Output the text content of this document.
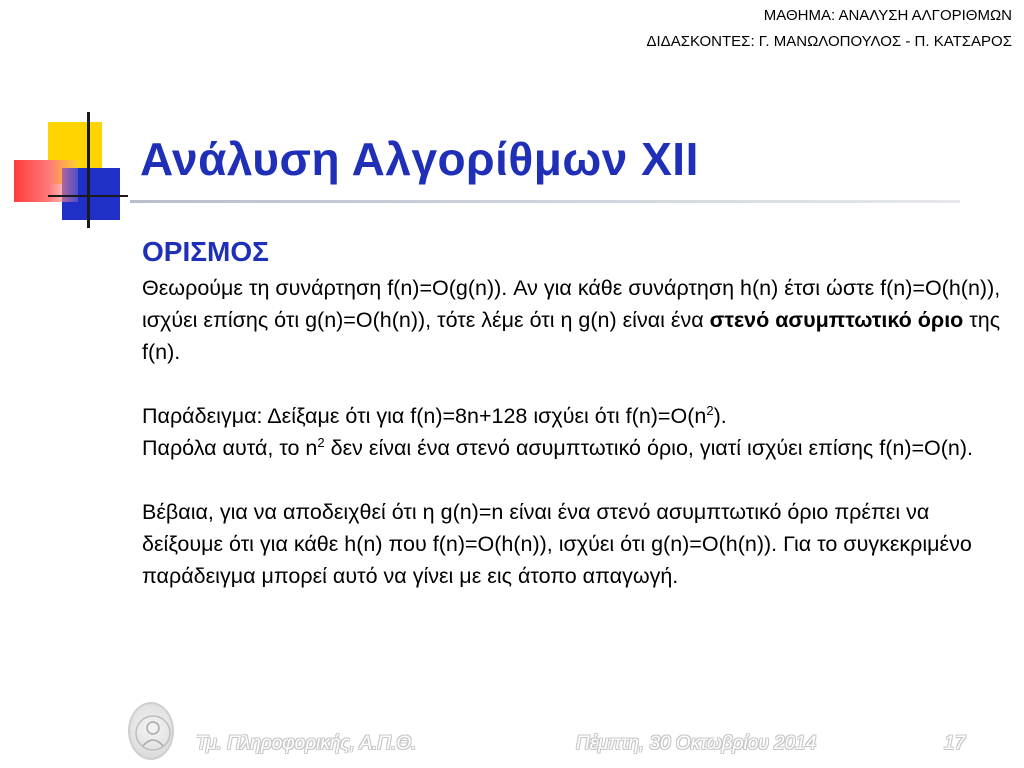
ΜΑΘΗΜΑ: ΑΝΑΛΥΣΗ ΑΛΓΟΡΙΘΜΩΝ
ΔΙΔΑΣΚΟΝΤΕΣ: Γ. ΜΑΝΩΛΟΠΟΥΛΟΣ - Π. ΚΑΤΣΑΡΟΣ
Ανάλυση Αλγορίθμων XII
ΟΡΙΣΜΟΣ

Θεωρούμε τη συνάρτηση f(n)=O(g(n)). Αν για κάθε συνάρτηση h(n) έτσι ώστε f(n)=O(h(n)), ισχύει επίσης ότι g(n)=O(h(n)), τότε λέμε ότι η g(n) είναι ένα στενό ασυμπτωτικό όριο της f(n).

Παράδειγμα: Δείξαμε ότι για f(n)=8n+128 ισχύει ότι $f(n)=O(n^2)$.
Παρόλα αυτά, το $n^2$ δεν είναι ένα στενό ασυμπτωτικό όριο, γιατί ισχύει επίσης f(n)=O(n).

Βέβαια, για να αποδειχθεί ότι η g(n)=n είναι ένα στενό ασυμπτωτικό όριο πρέπει να δείξουμε ότι για κάθε h(n) που f(n)=O(h(n)), ισχύει ότι g(n)=O(h(n)). Για το συγκεκριμένο παράδειγμα μπορεί αυτό να γίνει με εις άτοπο απαγωγή.

Τμ. Πληροφορικής, Α.Π.Θ.	Πέμπτη, 30 Οκτωβρίου 2014	17
